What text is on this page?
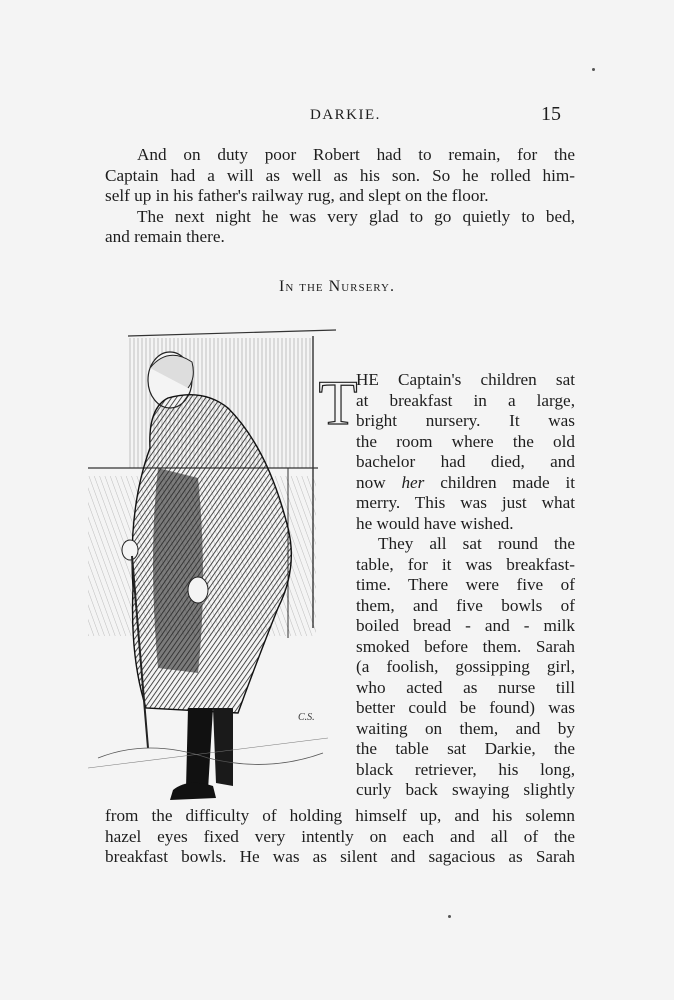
DARKIE.	15
And on duty poor Robert had to remain, for the
Captain had a will as well as his son. So he rolled him-
self up in his father's railway rug, and slept on the floor.
The next night he was very glad to go quietly to bed,
and remain there.
In the Nursery.
C.S.
T
HE Captain's children sat
at breakfast in a large,
bright nursery. It was
the room where the old
bachelor had died, and
now her children made it
merry. This was just what
he would have wished.
They all sat round the
table, for it was breakfast-
time. There were five of
them, and five bowls of
boiled bread - and - milk
smoked before them. Sarah
(a foolish, gossipping girl,
who acted as nurse till
better could be found) was
waiting on them, and by
the table sat Darkie, the
black retriever, his long,
curly back swaying slightly
from the difficulty of holding himself up, and his solemn
hazel eyes fixed very intently on each and all of the
breakfast bowls. He was as silent and sagacious as Sarah
